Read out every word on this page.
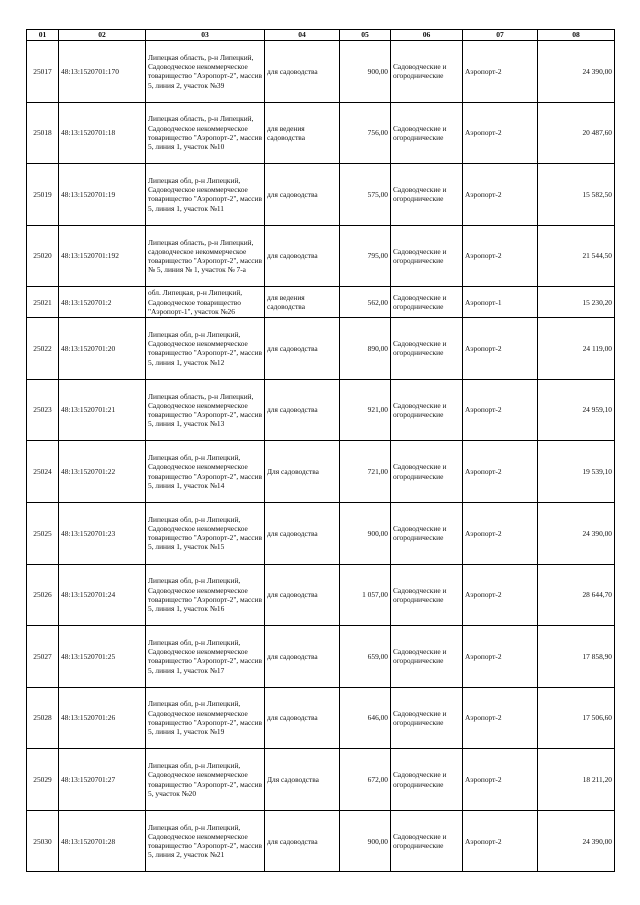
01	02	03	04	05	06	07	08
25017	48:13:1520701:170	Липецкая область, р-н Липецкий, Садоводческое некоммерческое товарищество "Аэропорт-2", массив 5, линия 2, участок №39	для садоводства	900,00	Садоводческие и огороднические	Аэропорт-2	24 390,00
25018	48:13:1520701:18	Липецкая область, р-н Липецкий, Садоводческое некоммерческое товарищество "Аэропорт-2", массив 5, линия 1, участок №10	для ведения садоводства	756,00	Садоводческие и огороднические	Аэропорт-2	20 487,60
25019	48:13:1520701:19	Липецкая обл, р-н Липецкий, Садоводческое некоммерческое товарищество "Аэропорт-2", массив 5, линия 1, участок №11	для садоводства	575,00	Садоводческие и огороднические	Аэропорт-2	15 582,50
25020	48:13:1520701:192	Липецкая область, р-н Липецкий, садоводческое некоммерческое товарищество "Аэропорт-2", массив № 5, линия № 1, участок № 7-а	для садоводства	795,00	Садоводческие и огороднические	Аэропорт-2	21 544,50
25021	48:13:1520701:2	обл. Липецкая, р-н Липецкий, Садоводческое товарищество "Аэропорт-1", участок №26	для ведения садоводства	562,00	Садоводческие и огороднические	Аэропорт-1	15 230,20
25022	48:13:1520701:20	Липецкая обл, р-н Липецкий, Садоводческое некоммерческое товарищество "Аэропорт-2", массив 5, линия 1, участок №12	для садоводства	890,00	Садоводческие и огороднические	Аэропорт-2	24 119,00
25023	48:13:1520701:21	Липецкая область, р-н Липецкий, Садоводческое некоммерческое товарищество "Аэропорт-2", массив 5, линия 1, участок №13	для садоводства	921,00	Садоводческие и огороднические	Аэропорт-2	24 959,10
25024	48:13:1520701:22	Липецкая обл, р-н Липецкий, Садоводческое некоммерческое товарищество "Аэропорт-2", массив 5, линия 1, участок №14	Для садоводства	721,00	Садоводческие и огороднические	Аэропорт-2	19 539,10
25025	48:13:1520701:23	Липецкая обл, р-н Липецкий, Садоводческое некоммерческое товарищество "Аэропорт-2", массив 5, линия 1, участок №15	для садоводства	900,00	Садоводческие и огороднические	Аэропорт-2	24 390,00
25026	48:13:1520701:24	Липецкая обл, р-н Липецкий, Садоводческое некоммерческое товарищество "Аэропорт-2", массив 5, линия 1, участок №16	для садоводства	1 057,00	Садоводческие и огороднические	Аэропорт-2	28 644,70
25027	48:13:1520701:25	Липецкая обл, р-н Липецкий, Садоводческое некоммерческое товарищество "Аэропорт-2", массив 5, линия 1, участок №17	для садоводства	659,00	Садоводческие и огороднические	Аэропорт-2	17 858,90
25028	48:13:1520701:26	Липецкая обл, р-н Липецкий, Садоводческое некоммерческое товарищество "Аэропорт-2", массив 5, линия 1, участок №19	для садоводства	646,00	Садоводческие и огороднические	Аэропорт-2	17 506,60
25029	48:13:1520701:27	Липецкая обл, р-н Липецкий, Садоводческое некоммерческое товарищество "Аэропорт-2", массив 5, участок №20	Для садоводства	672,00	Садоводческие и огороднические	Аэропорт-2	18 211,20
25030	48:13:1520701:28	Липецкая обл, р-н Липецкий, Садоводческое некоммерческое товарищество "Аэропорт-2", массив 5, линия 2, участок №21	для садоводства	900,00	Садоводческие и огороднические	Аэропорт-2	24 390,00
